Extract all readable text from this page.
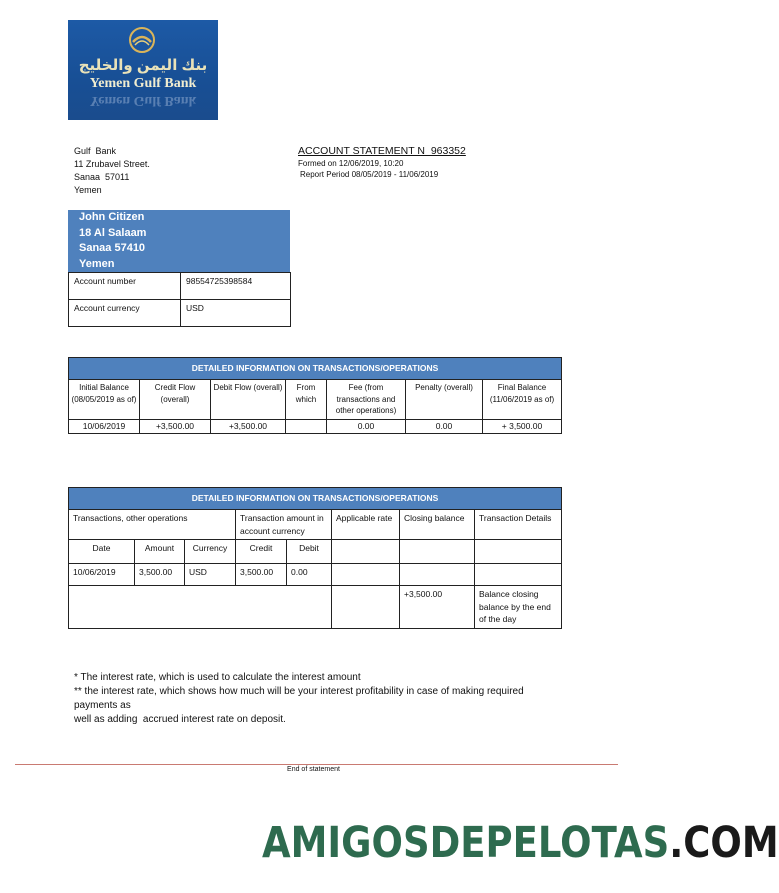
بنك اليمن والخليج
Yemen Gulf Bank
Yemen Gulf Bank
Gulf  Bank
11 Zrubavel Street.
Sanaa  57011
Yemen
ACCOUNT STATEMENT N  963352
Formed on 12/06/2019, 10:20
Report Period 08/05/2019 - 11/06/2019
John Citizen
18 Al Salaam
Sanaa 57410
Yemen
Account number	98554725398584
Account currency	USD
DETAILED INFORMATION ON TRANSACTIONS/OPERATIONS						
Initial Balance (08/05/2019 as of)	Credit Flow (overall)	Debit Flow (overall)	From which	Fee (from transactions and other operations)	Penalty (overall)	Final Balance (11/06/2019 as of)
10/06/2019	+3,500.00	+3,500.00		0.00	0.00	+ 3,500.00
DETAILED INFORMATION ON TRANSACTIONS/OPERATIONS							
Transactions, other operations			Transaction amount in account currency		Applicable rate	Closing balance	Transaction Details
Date	Amount	Currency	Credit	Debit			
10/06/2019	3,500.00	USD	3,500.00	0.00			
						+3,500.00	Balance closing balance by the end of the day
* The interest rate, which is used to calculate the interest amount
** the interest rate, which shows how much will be your interest profitability in case of making required payments as
well as adding  accrued interest rate on deposit.
End of statement
AMIGOSDEPELOTAS.COM
